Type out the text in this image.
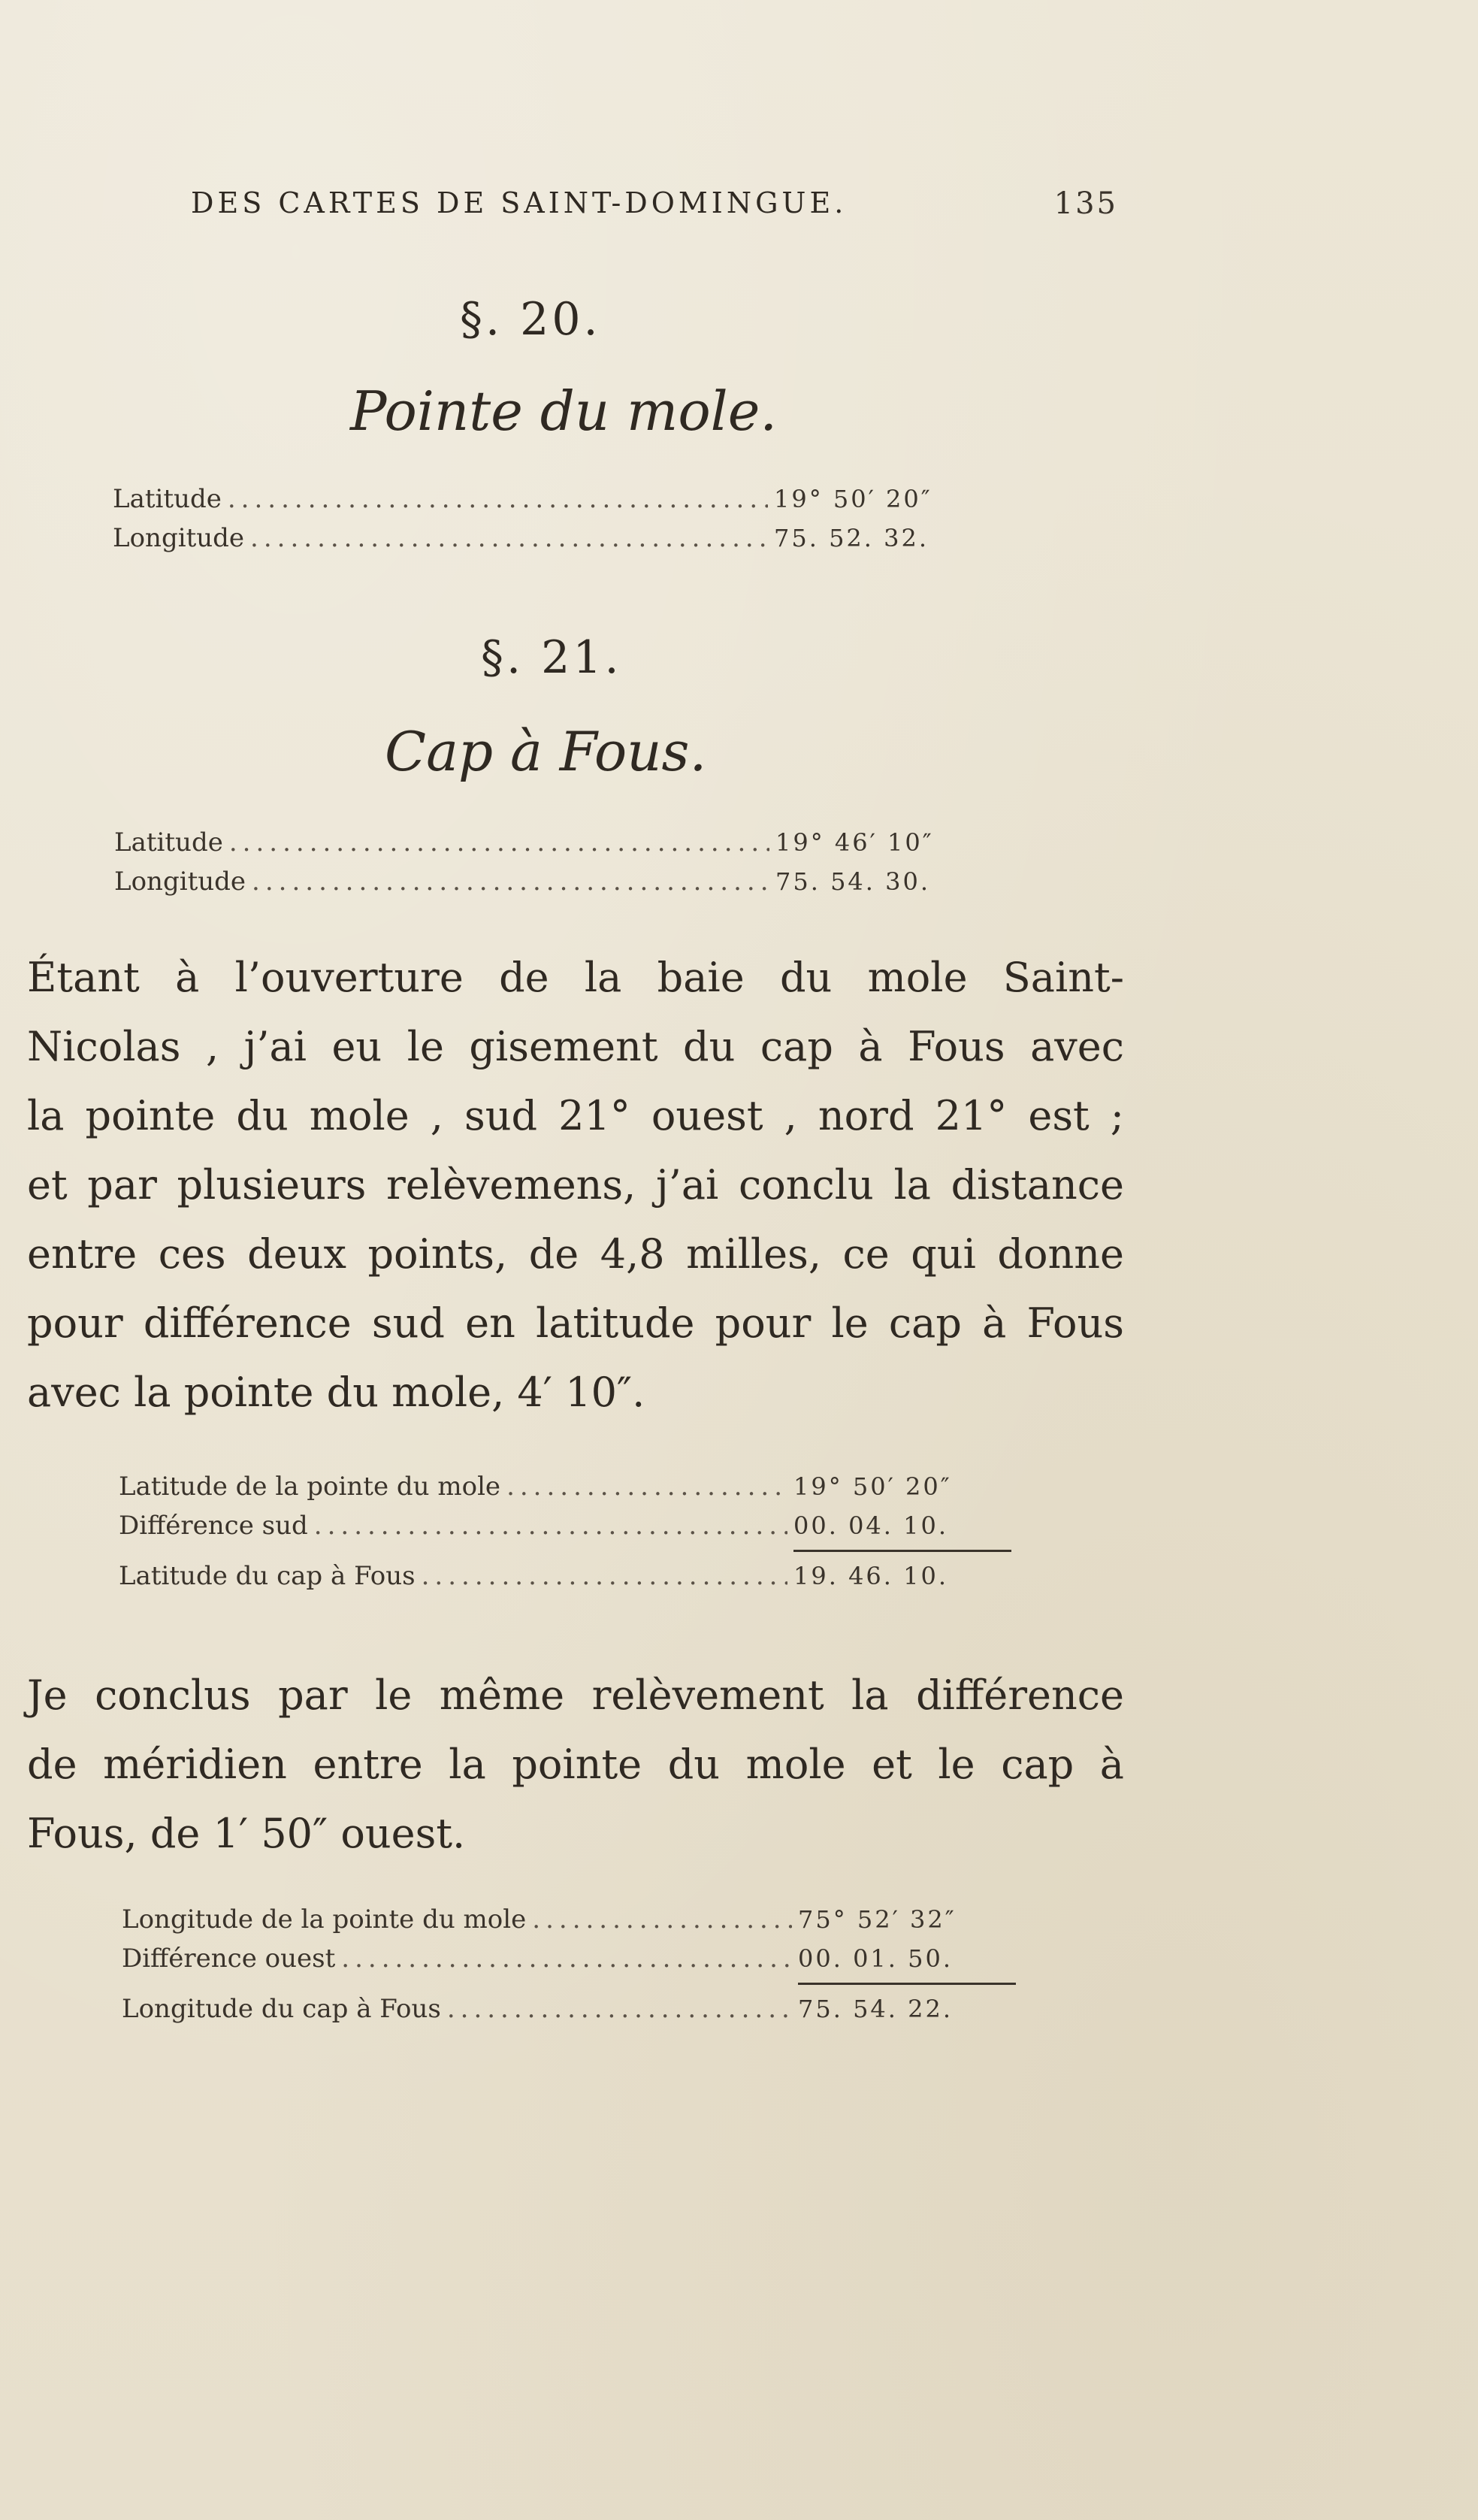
DES CARTES DE SAINT-DOMINGUE.	135
§. 20.
Pointe du mole.
Latitude .....	19° 50′ 20″
Longitude .....	75. 52. 32.
§. 21.
Cap à Fous.
Latitude .....	19° 46′ 10″
Longitude .....	75. 54. 30.
Étant à l’ouverture de la baie du mole Saint-
Nicolas , j’ai eu le gisement du cap à Fous avec
la pointe du mole , sud 21° ouest , nord 21° est ;
et par plusieurs relèvemens, j’ai conclu la distance
entre ces deux points, de 4,8 milles, ce qui donne
pour différence sud en latitude pour le cap à Fous
avec la pointe du mole, 4′ 10″.
Latitude de la pointe du mole .....	19° 50′ 20″
Différence sud .....	00. 04. 10.
Latitude du cap à Fous .....	19. 46. 10.
Je conclus par le même relèvement la différence
de méridien entre la pointe du mole et le cap à
Fous, de 1′ 50″ ouest.
Longitude de la pointe du mole .....	75° 52′ 32″
Différence ouest .....	00. 01. 50.
Longitude du cap à Fous .....	75. 54. 22.
